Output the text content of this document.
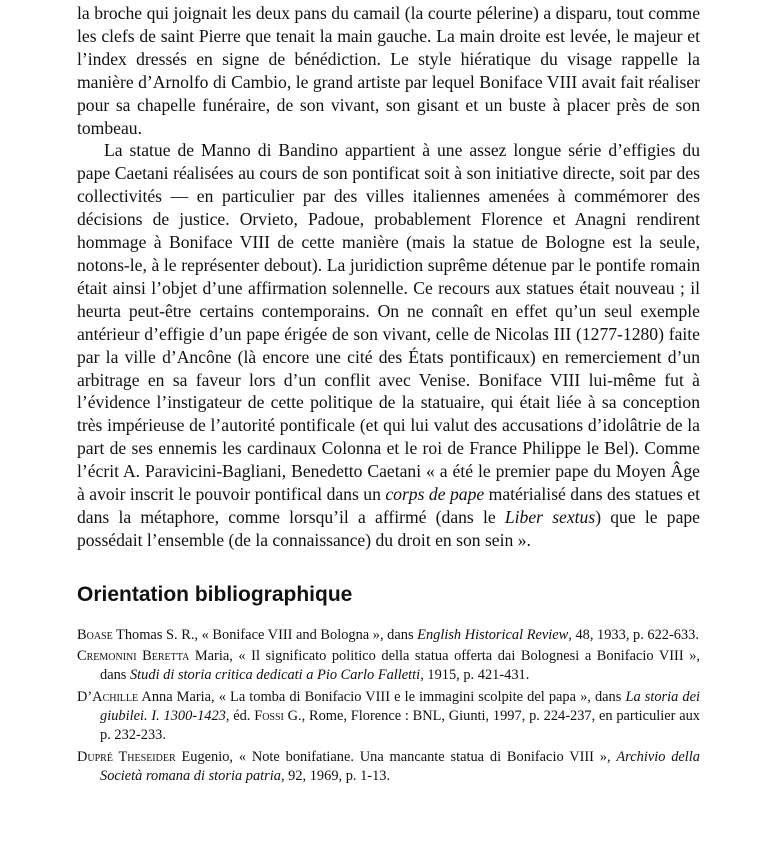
la broche qui joignait les deux pans du camail (la courte pélerine) a disparu, tout comme les clefs de saint Pierre que tenait la main gauche. La main droite est levée, le majeur et l’index dressés en signe de bénédiction. Le style hiératique du visage rappelle la manière d’Arnolfo di Cambio, le grand artiste par lequel Boniface VIII avait fait réaliser pour sa chapelle funéraire, de son vivant, son gisant et un buste à placer près de son tombeau.

La statue de Manno di Bandino appartient à une assez longue série d’effigies du pape Caetani réalisées au cours de son pontificat soit à son initiative directe, soit par des collectivités — en particulier par des villes italiennes amenées à commémorer des décisions de justice. Orvieto, Padoue, probablement Florence et Anagni rendirent hommage à Boniface VIII de cette manière (mais la statue de Bologne est la seule, notons-le, à le représenter debout). La juridiction suprême détenue par le pontife romain était ainsi l’objet d’une affirmation solennelle. Ce recours aux statues était nouveau ; il heurta peut-être certains contemporains. On ne connaît en effet qu’un seul exemple antérieur d’effigie d’un pape érigée de son vivant, celle de Nicolas III (1277-1280) faite par la ville d’Ancône (là encore une cité des États pontificaux) en remerciement d’un arbitrage en sa faveur lors d’un conflit avec Venise. Boniface VIII lui-même fut à l’évidence l’instigateur de cette politique de la statuaire, qui était liée à sa conception très impérieuse de l’autorité pontificale (et qui lui valut des accusations d’idolâtrie de la part de ses ennemis les cardinaux Colonna et le roi de France Philippe le Bel). Comme l’écrit A. Paravicini-Bagliani, Benedetto Caetani « a été le premier pape du Moyen Âge à avoir inscrit le pouvoir pontifical dans un corps de pape matérialisé dans des statues et dans la métaphore, comme lorsqu’il a affirmé (dans le Liber sextus) que le pape possédait l’ensemble (de la connaissance) du droit en son sein ».

Orientation bibliographique

Boase Thomas S. R., « Boniface VIII and Bologna », dans English Historical Review, 48, 1933, p. 622-633.

Cremonini Beretta Maria, « Il significato politico della statua offerta dai Bolognesi a Bonifacio VIII », dans Studi di storia critica dedicati a Pio Carlo Falletti, 1915, p. 421-431.

D’Achille Anna Maria, « La tomba di Bonifacio VIII e le immagini scolpite del papa », dans La storia dei giubilei. I. 1300-1423, éd. Fossi G., Rome, Florence : BNL, Giunti, 1997, p. 224-237, en particulier aux p. 232-233.

Dupré Theseider Eugenio, « Note bonifatiane. Una mancante statua di Bonifacio VIII », Archivio della Società romana di storia patria, 92, 1969, p. 1-13.
